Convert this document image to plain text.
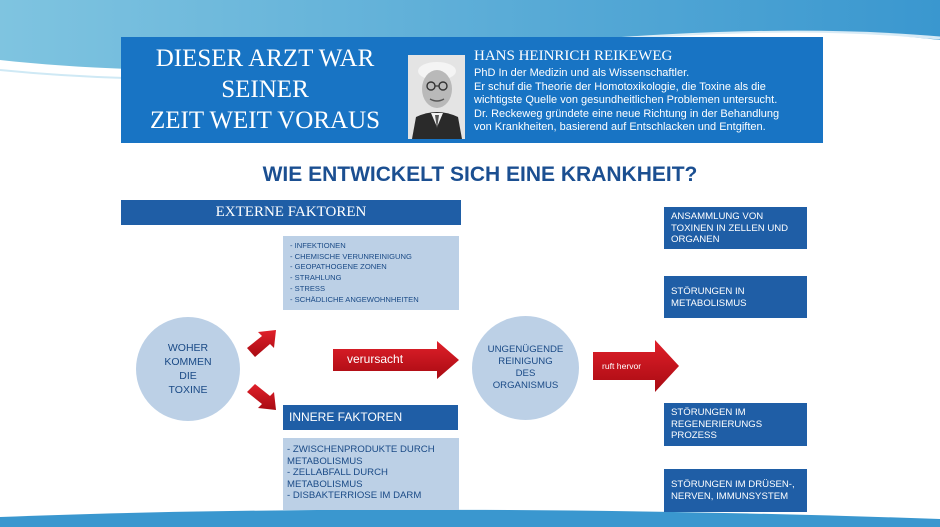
DIESER ARZT WAR
SEINER
ZEIT WEIT VORAUS
HANS HEINRICH REIKEWEG
PhD In der Medizin und als Wissenschaftler.
Er schuf die Theorie der Homotoxikologie, die Toxine als die
wichtigste Quelle von gesundheitlichen Problemen untersucht.
Dr. Reckeweg gründete eine neue Richtung in der Behandlung
von Krankheiten, basierend auf Entschlacken und Entgiften.
WIE ENTWICKELT SICH EINE KRANKHEIT?
EXTERNE FAKTOREN
- INFEKTIONEN
- CHEMISCHE VERUNREINIGUNG
- GEOPATHOGENE ZONEN
- STRAHLUNG
- STRESS
- SCHÄDLICHE ANGEWOHNHEITEN
verursacht	ruft hervor
WOHER
KOMMEN
DIE
TOXINE
UNGENÜGENDE
REINIGUNG
DES
ORGANISMUS
INNERE FAKTOREN
- ZWISCHENPRODUKTE DURCH
METABOLISMUS
- ZELLABFALL DURCH
METABOLISMUS
- DISBAKTERRIOSE IM DARM
ANSAMMLUNG VON
TOXINEN IN ZELLEN UND
ORGANEN
STÖRUNGEN IN
METABOLISMUS
STÖRUNGEN IM
REGENERIERUNGS
PROZESS
STÖRUNGEN IM DRÜSEN-,
NERVEN, IMMUNSYSTEM
